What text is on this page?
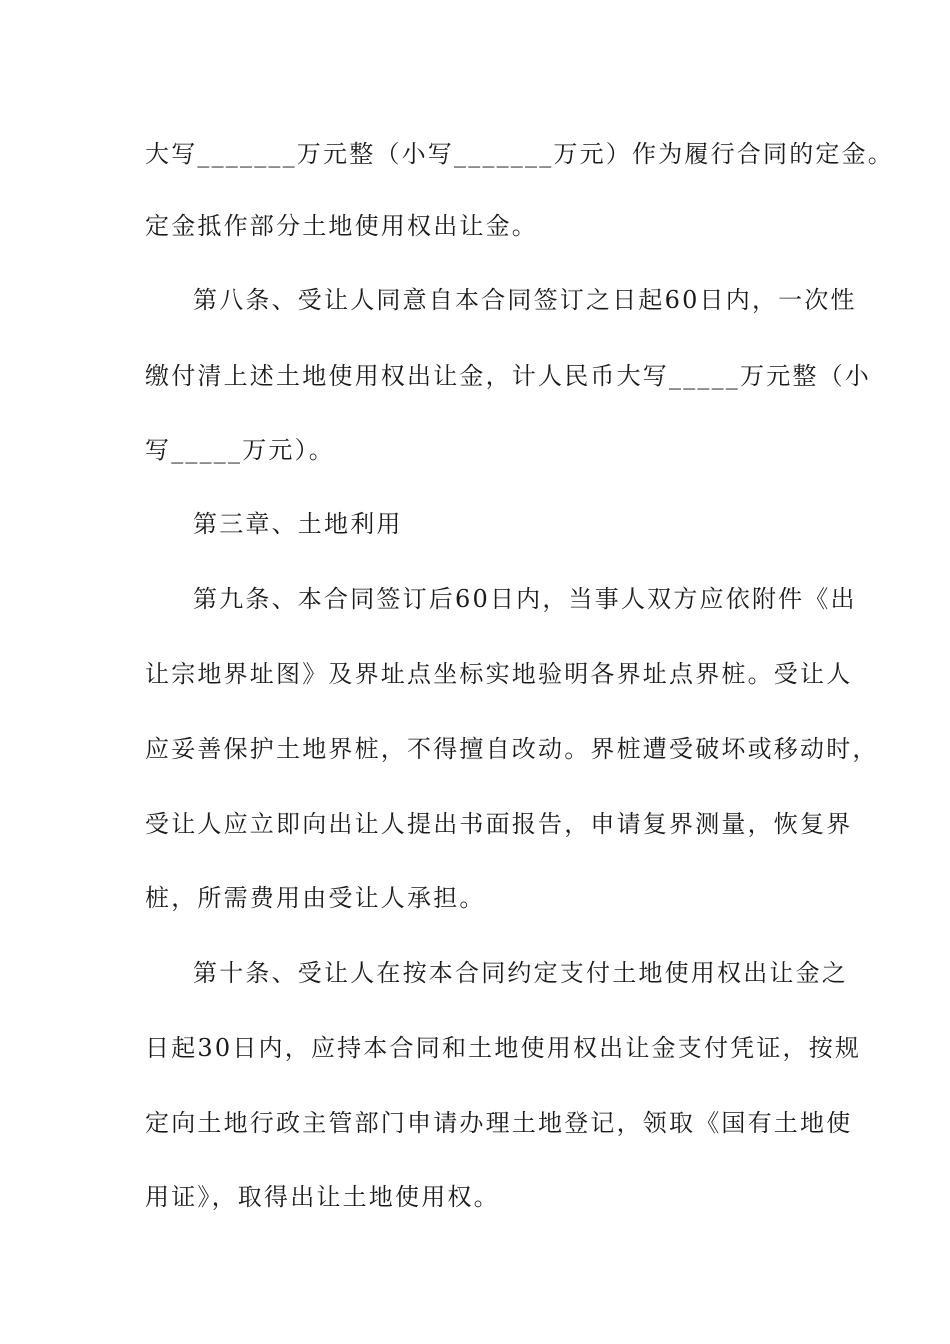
大写_______万元整（小写_______万元）作为履行合同的定金。
定金抵作部分土地使用权出让金。
第八条、受让人同意自本合同签订之日起60日内，一次性
缴付清上述土地使用权出让金，计人民币大写_____万元整（小
写_____万元）。
第三章、土地利用
第九条、本合同签订后60日内，当事人双方应依附件《出
让宗地界址图》及界址点坐标实地验明各界址点界桩。受让人
应妥善保护土地界桩，不得擅自改动。界桩遭受破坏或移动时，
受让人应立即向出让人提出书面报告，申请复界测量，恢复界
桩，所需费用由受让人承担。
第十条、受让人在按本合同约定支付土地使用权出让金之
日起30日内，应持本合同和土地使用权出让金支付凭证，按规
定向土地行政主管部门申请办理土地登记，领取《国有土地使
用证》，取得出让土地使用权。
